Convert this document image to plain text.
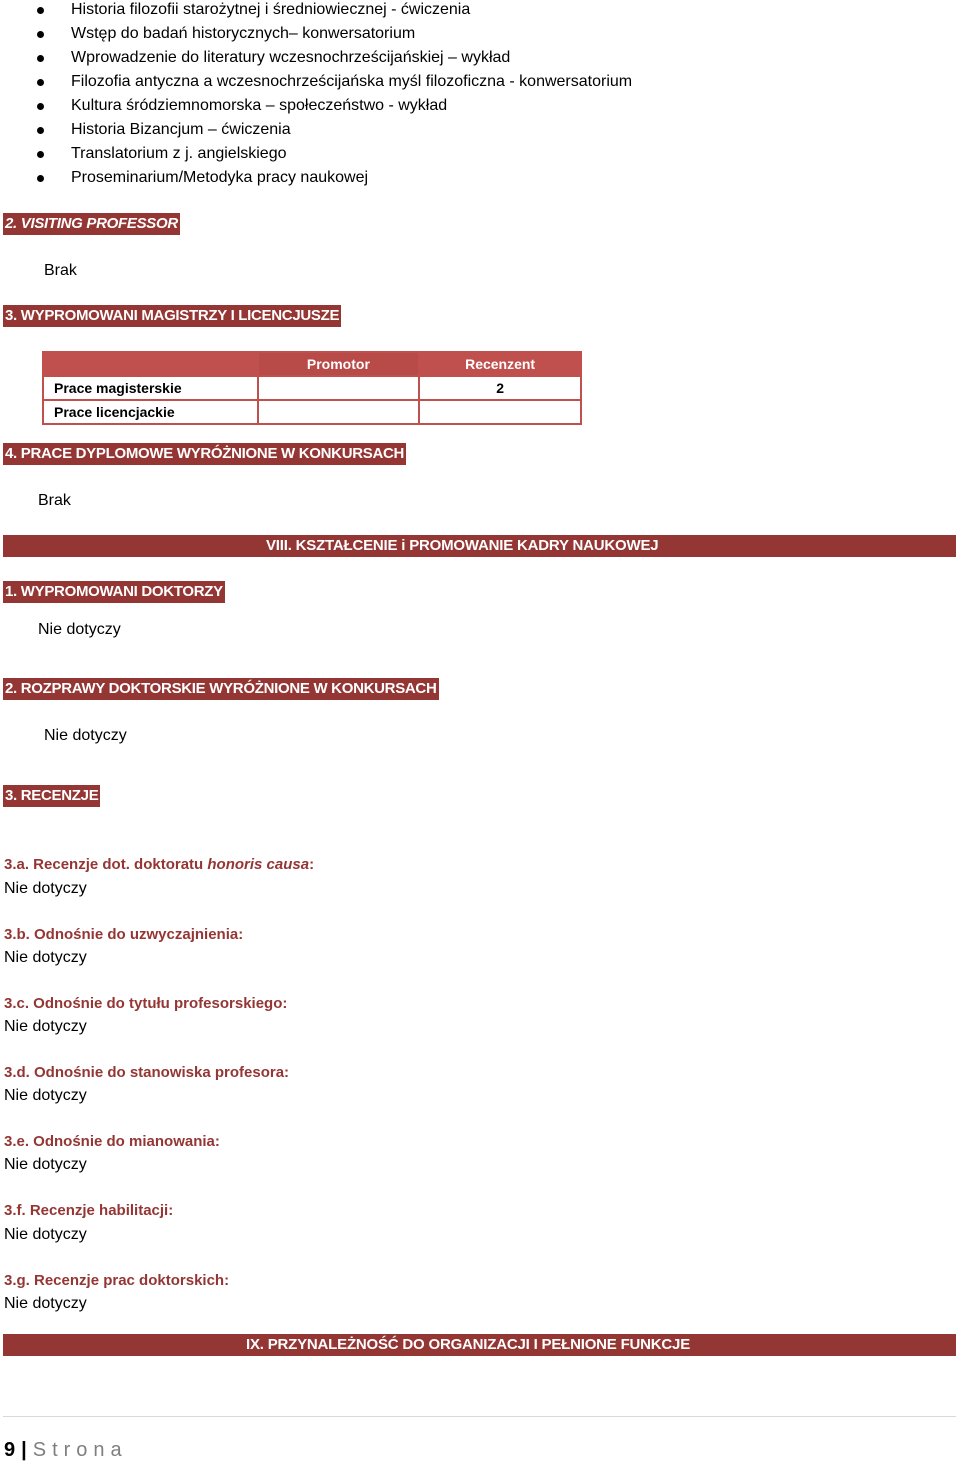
Historia filozofii starożytnej i średniowiecznej - ćwiczenia
Wstęp do badań historycznych– konwersatorium
Wprowadzenie do literatury wczesnochrześcijańskiej – wykład
Filozofia antyczna a wczesnochrześcijańska myśl filozoficzna - konwersatorium
Kultura śródziemnomorska – społeczeństwo - wykład
Historia Bizancjum – ćwiczenia
Translatorium z j. angielskiego
Proseminarium/Metodyka pracy naukowej
2. VISITING PROFESSOR
Brak
3. WYPROMOWANI MAGISTRZY I LICENCJUSZE
	Promotor	Recenzent
Prace magisterskie		2
Prace licencjackie		
4. PRACE DYPLOMOWE WYRÓŻNIONE W KONKURSACH
Brak
VIII. KSZTAŁCENIE i PROMOWANIE KADRY NAUKOWEJ
1. WYPROMOWANI DOKTORZY
Nie dotyczy
2. ROZPRAWY DOKTORSKIE WYRÓŻNIONE W KONKURSACH
Nie dotyczy
3. RECENZJE
3.a. Recenzje dot. doktoratu honoris causa:
Nie dotyczy
3.b. Odnośnie do uzwyczajnienia:
Nie dotyczy
3.c. Odnośnie do tytułu profesorskiego:
Nie dotyczy
3.d. Odnośnie do stanowiska profesora:
Nie dotyczy
3.e. Odnośnie do mianowania:
Nie dotyczy
3.f. Recenzje habilitacji:
Nie dotyczy
3.g. Recenzje prac doktorskich:
Nie dotyczy
IX. PRZYNALEŻNOŚĆ DO ORGANIZACJI I PEŁNIONE FUNKCJE
9 | Strona
